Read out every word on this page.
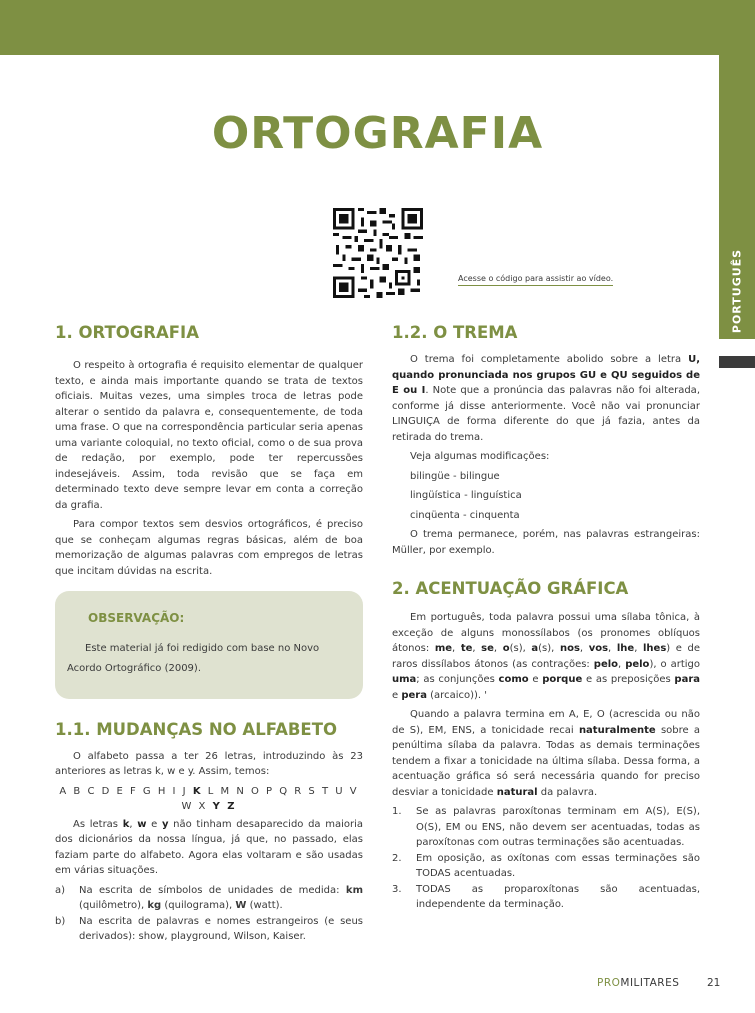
PORTUGUÊS
ORTOGRAFIA
Acesse o código para assistir ao vídeo.
1. ORTOGRAFIA

O respeito à ortografia é requisito elementar de qualquer texto, e ainda mais importante quando se trata de textos oficiais. Muitas vezes, uma simples troca de letras pode alterar o sentido da palavra e, consequentemente, de toda uma frase. O que na correspondência particular seria apenas uma variante coloquial, no texto oficial, como o de sua prova de redação, por exemplo, pode ter repercussões indesejáveis. Assim, toda revisão que se faça em determinado texto deve sempre levar em conta a correção da grafia.

Para compor textos sem desvios ortográficos, é preciso que se conheçam algumas regras básicas, além de boa memorização de algumas palavras com empregos de letras que incitam dúvidas na escrita.

OBSERVAÇÃO:
Este material já foi redigido com base no Novo Acordo Ortográfico (2009).
1.1. MUDANÇAS NO ALFABETO

O alfabeto passa a ter 26 letras, introduzindo às 23 anteriores as letras k, w e y. Assim, temos:

A B C D E F G H I J K L M N O P Q R S T U V W X Y Z

As letras k, w e y não tinham desaparecido da maioria dos dicionários da nossa língua, já que, no passado, elas faziam parte do alfabeto. Agora elas voltaram e são usadas em várias situações.

a) Na escrita de símbolos de unidades de medida: km (quilômetro), kg (quilograma), W (watt).
b) Na escrita de palavras e nomes estrangeiros (e seus derivados): show, playground, Wilson, Kaiser.
1.2. O TREMA

O trema foi completamente abolido sobre a letra U, quando pronunciada nos grupos GU e QU seguidos de E ou I. Note que a pronúncia das palavras não foi alterada, conforme já disse anteriormente. Você não vai pronunciar LINGUIÇA de forma diferente do que já fazia, antes da retirada do trema.

Veja algumas modificações:

bilingüe - bilingue

lingüística - linguística

cinqüenta - cinquenta

O trema permanece, porém, nas palavras estrangeiras: Müller, por exemplo.

2. ACENTUAÇÃO GRÁFICA

Em português, toda palavra possui uma sílaba tônica, à exceção de alguns monossílabos (os pronomes oblíquos átonos: me, te, se, o(s), a(s), nos, vos, lhe, lhes) e de raros dissílabos átonos (as contrações: pelo, pelo), o artigo uma; as conjunções como e porque e as preposições para e pera (arcaico)). '

Quando a palavra termina em A, E, O (acrescida ou não de S), EM, ENS, a tonicidade recai naturalmente sobre a penúltima sílaba da palavra. Todas as demais terminações tendem a fixar a tonicidade na última sílaba. Dessa forma, a acentuação gráfica só será necessária quando for preciso desviar a tonicidade natural da palavra.

1. Se as palavras paroxítonas terminam em A(S), E(S), O(S), EM ou ENS, não devem ser acentuadas, todas as paroxítonas com outras terminações são acentuadas.
2. Em oposição, as oxítonas com essas terminações são TODAS acentuadas.
3. TODAS as proparoxítonas são acentuadas, independente da terminação.
PROMILITARES	21
